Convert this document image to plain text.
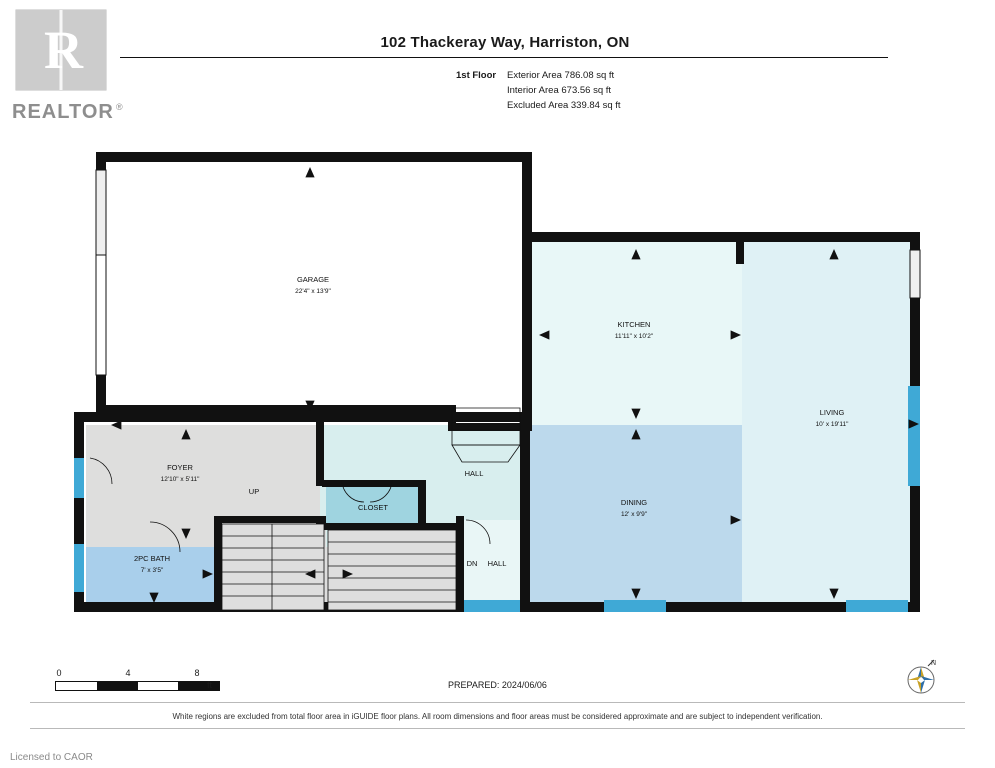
R
REALTOR ®
102 Thackeray Way, Harriston, ON
1st Floor Exterior Area 786.08 sq ft
Interior Area 673.56 sq ft
Excluded Area 339.84 sq ft
GARAGE
22'4" x 13'9"
KITCHEN
11'11" x 10'2"
LIVING
10' x 19'11"
DINING
12' x 9'9"
FOYER
12'10" x 5'11"
2PC BATH
7' x 3'5"
HALL
CLOSET
HALL
UP
DN
0	4	8
ft	PREPARED: 2024/06/06
N
White regions are excluded from total floor area in iGUIDE floor plans. All room dimensions and floor areas must be considered approximate and are subject to independent verification.
Licensed to CAOR
